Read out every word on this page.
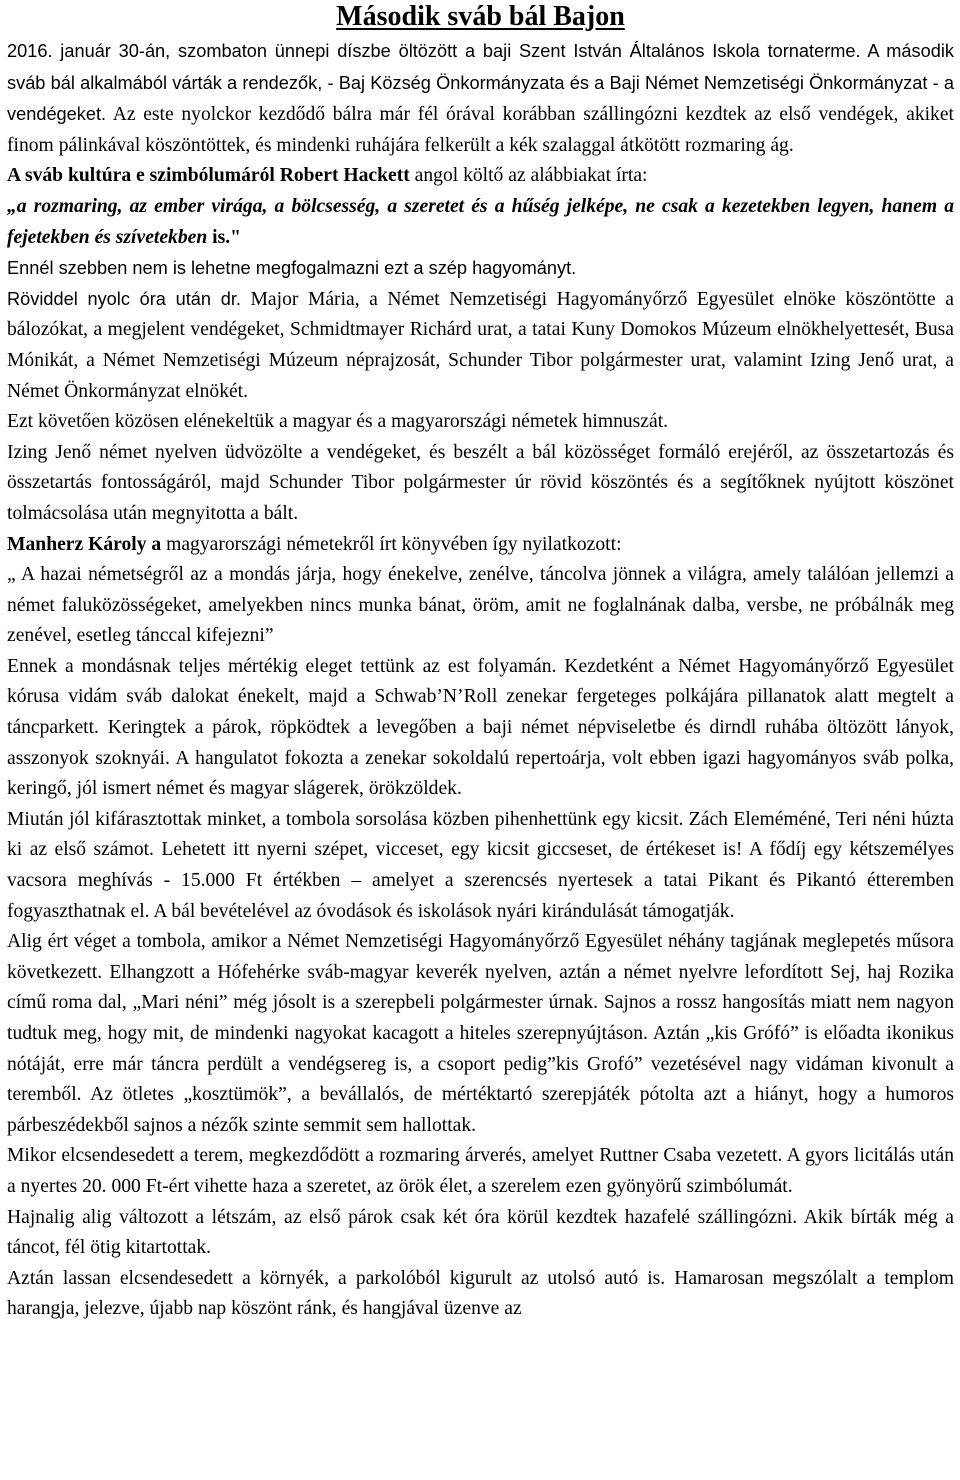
Második sváb bál Bajon

2016. január 30-án, szombaton ünnepi díszbe öltözött a baji Szent István Általános Iskola tornaterme. A második sváb bál alkalmából várták a rendezők, - Baj Község Önkormányzata és a Baji Német Nemzetiségi Önkormányzat - a vendégeket. Az este nyolckor kezdődő bálra már fél órával korábban szállingózni kezdtek az első vendégek, akiket finom pálinkával köszöntöttek, és mindenki ruhájára felkerült a kék szalaggal átkötött rozmaring ág.

A sváb kultúra e szimbólumáról Robert Hackett angol költő az alábbiakat írta:

„a rozmaring, az ember virága, a bölcsesség, a szeretet és a hűség jelképe, ne csak a kezetekben legyen, hanem a fejetekben és szívetekben is."

Ennél szebben nem is lehetne megfogalmazni ezt a szép hagyományt.

Röviddel nyolc óra után dr. Major Mária, a Német Nemzetiségi Hagyományőrző Egyesület elnöke köszöntötte a bálozókat, a megjelent vendégeket, Schmidtmayer Richárd urat, a tatai Kuny Domokos Múzeum elnökhelyettesét, Busa Mónikát, a Német Nemzetiségi Múzeum néprajzosát, Schunder Tibor polgármester urat, valamint Izing Jenő urat, a Német Önkormányzat elnökét.

Ezt követően közösen elénekeltük a magyar és a magyarországi németek himnuszát.

Izing Jenő német nyelven üdvözölte a vendégeket, és beszélt a bál közösséget formáló erejéről, az összetartozás és összetartás fontosságáról, majd Schunder Tibor polgármester úr rövid köszöntés és a segítőknek nyújtott köszönet tolmácsolása után megnyitotta a bált.

Manherz Károly a magyarországi németekről írt könyvében így nyilatkozott:

„ A hazai németségről az a mondás járja, hogy énekelve, zenélve, táncolva jönnek a világra, amely találóan jellemzi a német faluközösségeket, amelyekben nincs munka bánat, öröm, amit ne foglalnának dalba, versbe, ne próbálnák meg zenével, esetleg tánccal kifejezni”

Ennek a mondásnak teljes mértékig eleget tettünk az est folyamán. Kezdetként a Német Hagyományőrző Egyesület kórusa vidám sváb dalokat énekelt, majd a Schwab’N’Roll zenekar fergeteges polkájára pillanatok alatt megtelt a táncparkett. Keringtek a párok, röpködtek a levegőben a baji német népviseletbe és dirndl ruhába öltözött lányok, asszonyok szoknyái. A hangulatot fokozta a zenekar sokoldalú repertoárja, volt ebben igazi hagyományos sváb polka, keringő, jól ismert német és magyar slágerek, örökzöldek.

Miután jól kifárasztottak minket, a tombola sorsolása közben pihenhettünk egy kicsit. Zách Eleméméné, Teri néni húzta ki az első számot. Lehetett itt nyerni szépet, vicceset, egy kicsit giccseset, de értékeset is! A fődíj egy kétszemélyes vacsora meghívás - 15.000 Ft értékben – amelyet a szerencsés nyertesek a tatai Pikant és Pikantó étteremben fogyaszthatnak el. A bál bevételével az óvodások és iskolások nyári kirándulását támogatják.

Alig ért véget a tombola, amikor a Német Nemzetiségi Hagyományőrző Egyesület néhány tagjának meglepetés műsora következett. Elhangzott a Hófehérke sváb-magyar keverék nyelven, aztán a német nyelvre lefordított Sej, haj Rozika című roma dal, „Mari néni” még jósolt is a szerepbeli polgármester úrnak. Sajnos a rossz hangosítás miatt nem nagyon tudtuk meg, hogy mit, de mindenki nagyokat kacagott a hiteles szerepnyújtáson. Aztán „kis Grófó” is előadta ikonikus nótáját, erre már táncra perdült a vendégsereg is, a csoport pedig”kis Grofó” vezetésével nagy vidáman kivonult a teremből. Az ötletes „kosztümök”, a bevállalós, de mértéktartó szerepjáték pótolta azt a hiányt, hogy a humoros párbeszédekből sajnos a nézők szinte semmit sem hallottak.

Mikor elcsendesedett a terem, megkezdődött a rozmaring árverés, amelyet Ruttner Csaba vezetett. A gyors licitálás után a nyertes 20. 000 Ft-ért vihette haza a szeretet, az örök élet, a szerelem ezen gyönyörű szimbólumát.

Hajnalig alig változott a létszám, az első párok csak két óra körül kezdtek hazafelé szállingózni. Akik bírták még a táncot, fél ötig kitartottak.

Aztán lassan elcsendesedett a környék, a parkolóból kigurult az utolsó autó is. Hamarosan megszólalt a templom harangja, jelezve, újabb nap köszönt ránk, és hangjával üzenve az
